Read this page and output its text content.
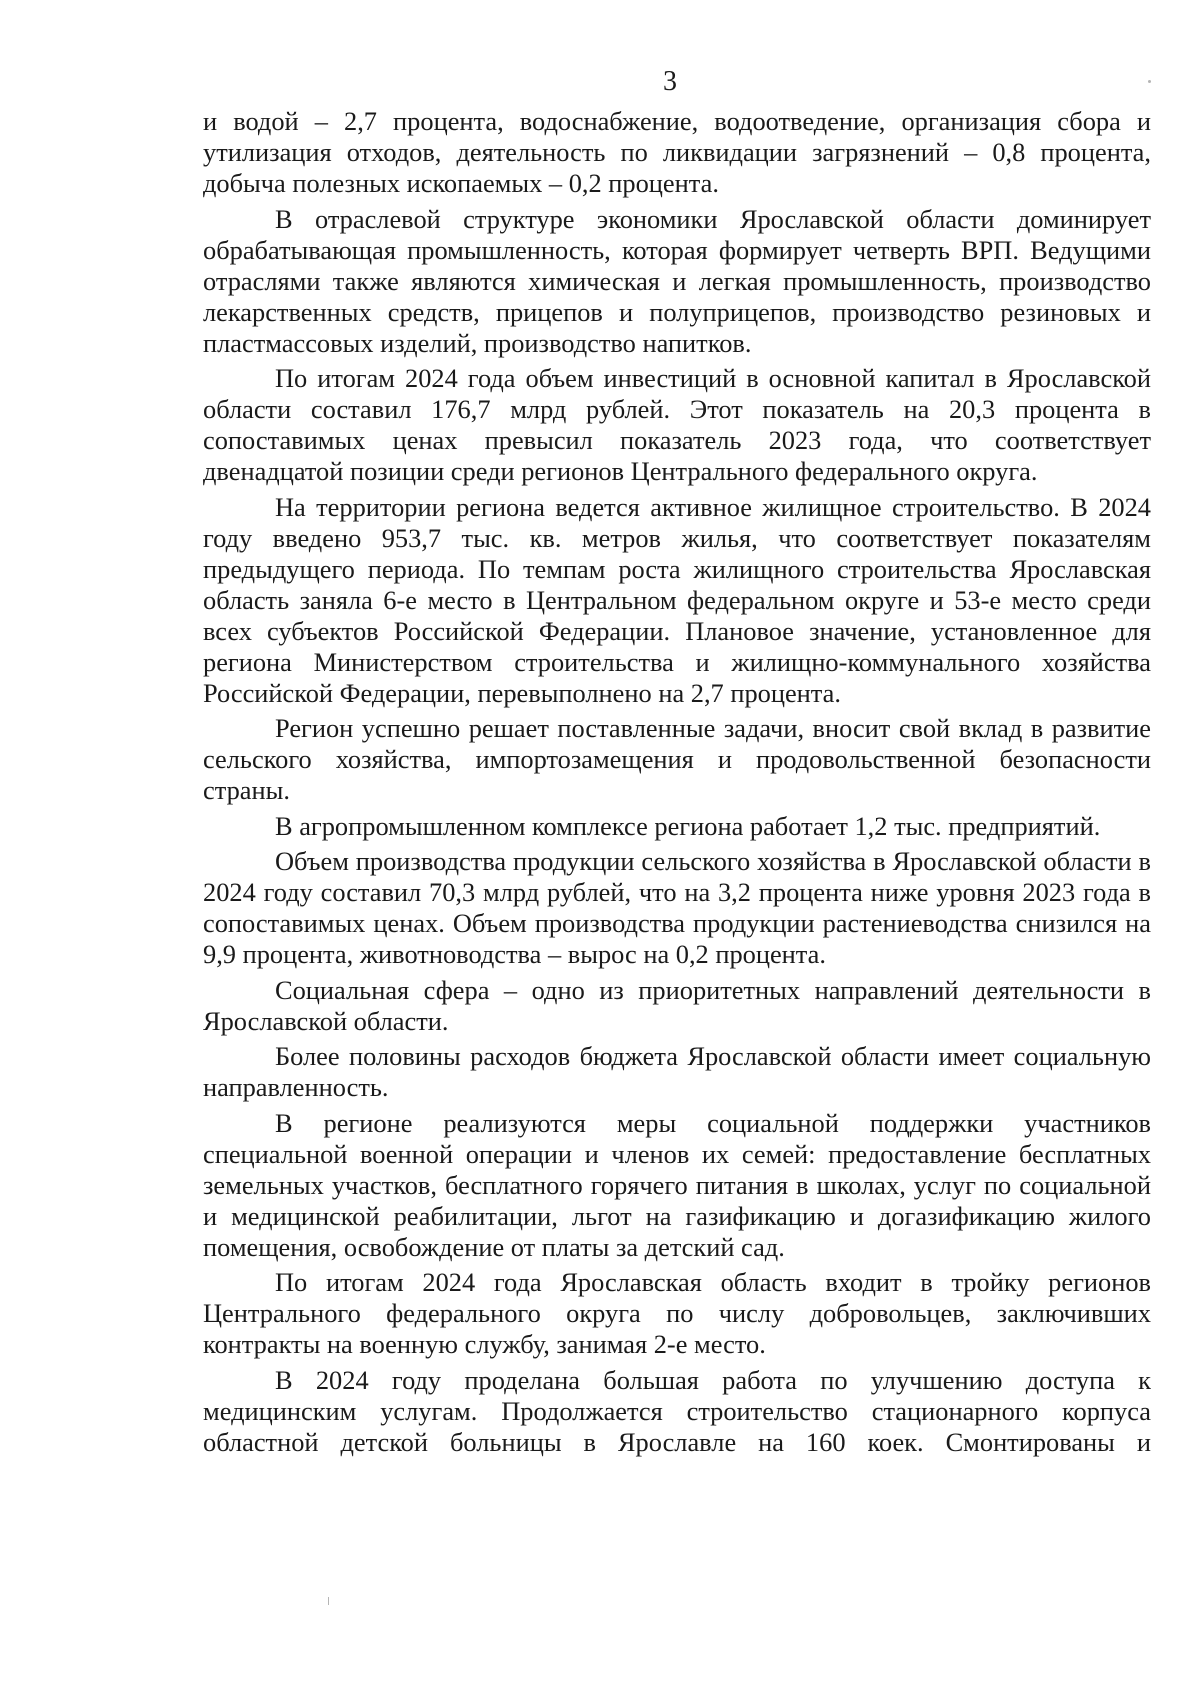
3

и водой – 2,7 процента, водоснабжение, водоотведение, организация сбора и утилизация отходов, деятельность по ликвидации загрязнений – 0,8 процента, добыча полезных ископаемых – 0,2 процента.

В отраслевой структуре экономики Ярославской области доминирует обрабатывающая промышленность, которая формирует четверть ВРП. Ведущими отраслями также являются химическая и легкая промышленность, производство лекарственных средств, прицепов и полуприцепов, производство резиновых и пластмассовых изделий, производство напитков.

По итогам 2024 года объем инвестиций в основной капитал в Ярославской области составил 176,7 млрд рублей. Этот показатель на 20,3 процента в сопоставимых ценах превысил показатель 2023 года, что соответствует двенадцатой позиции среди регионов Центрального федерального округа.

На территории региона ведется активное жилищное строительство. В 2024 году введено 953,7 тыс. кв. метров жилья, что соответствует показателям предыдущего периода. По темпам роста жилищного строительства Ярославская область заняла 6-е место в Центральном федеральном округе и 53-е место среди всех субъектов Российской Федерации. Плановое значение, установленное для региона Министерством строительства и жилищно-коммунального хозяйства Российской Федерации, перевыполнено на 2,7 процента.

Регион успешно решает поставленные задачи, вносит свой вклад в развитие сельского хозяйства, импортозамещения и продовольственной безопасности страны.

В агропромышленном комплексе региона работает 1,2 тыс. предприятий.

Объем производства продукции сельского хозяйства в Ярославской области в 2024 году составил 70,3 млрд рублей, что на 3,2 процента ниже уровня 2023 года в сопоставимых ценах. Объем производства продукции растениеводства снизился на 9,9 процента, животноводства – вырос на 0,2 процента.

Социальная сфера – одно из приоритетных направлений деятельности в Ярославской области.

Более половины расходов бюджета Ярославской области имеет социальную направленность.

В регионе реализуются меры социальной поддержки участников специальной военной операции и членов их семей: предоставление бесплатных земельных участков, бесплатного горячего питания в школах, услуг по социальной и медицинской реабилитации, льгот на газификацию и догазификацию жилого помещения, освобождение от платы за детский сад.

По итогам 2024 года Ярославская область входит в тройку регионов Центрального федерального округа по числу добровольцев, заключивших контракты на военную службу, занимая 2-е место.

В 2024 году проделана большая работа по улучшению доступа к медицинским услугам. Продолжается строительство стационарного корпуса областной детской больницы в Ярославле на 160 коек. Смонтированы и
